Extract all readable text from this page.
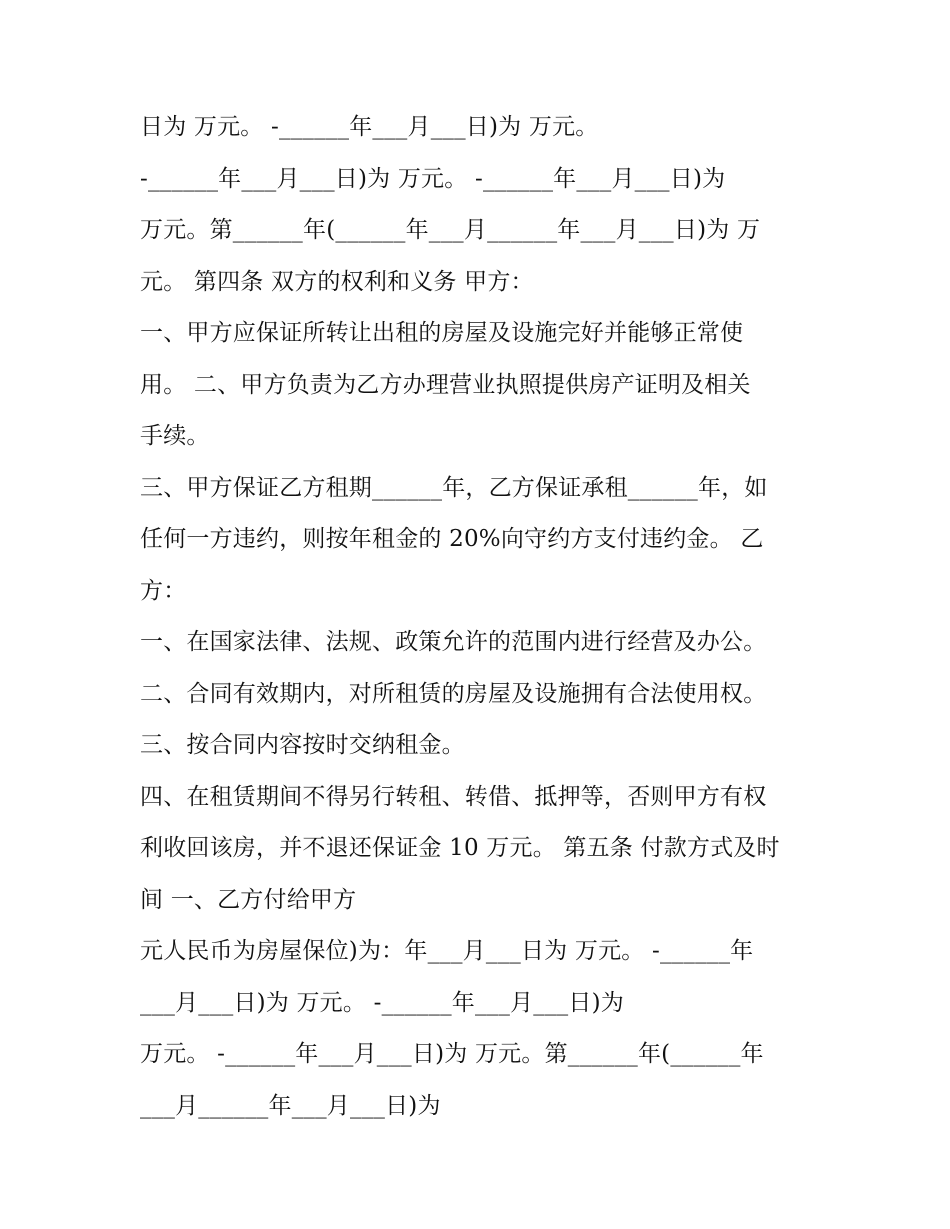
日为 万元。 -______年___月___日)为 万元。
-______年___月___日)为 万元。 -______年___月___日)为
万元。第______年(______年___月______年___月___日)为 万
元。 第四条 双方的权利和义务 甲方：
一、甲方应保证所转让出租的房屋及设施完好并能够正常使
用。 二、甲方负责为乙方办理营业执照提供房产证明及相关
手续。
三、甲方保证乙方租期______年，乙方保证承租______年，如
任何一方违约，则按年租金的 20%向守约方支付违约金。 乙
方：
一、在国家法律、法规、政策允许的范围内进行经营及办公。
二、合同有效期内，对所租赁的房屋及设施拥有合法使用权。
三、按合同内容按时交纳租金。
四、在租赁期间不得另行转租、转借、抵押等，否则甲方有权
利收回该房，并不退还保证金 10 万元。 第五条 付款方式及时
间 一、乙方付给甲方
元人民币为房屋保位)为：年___月___日为 万元。 -______年
___月___日)为 万元。 -______年___月___日)为
万元。 -______年___月___日)为 万元。第______年(______年
___月______年___月___日)为
